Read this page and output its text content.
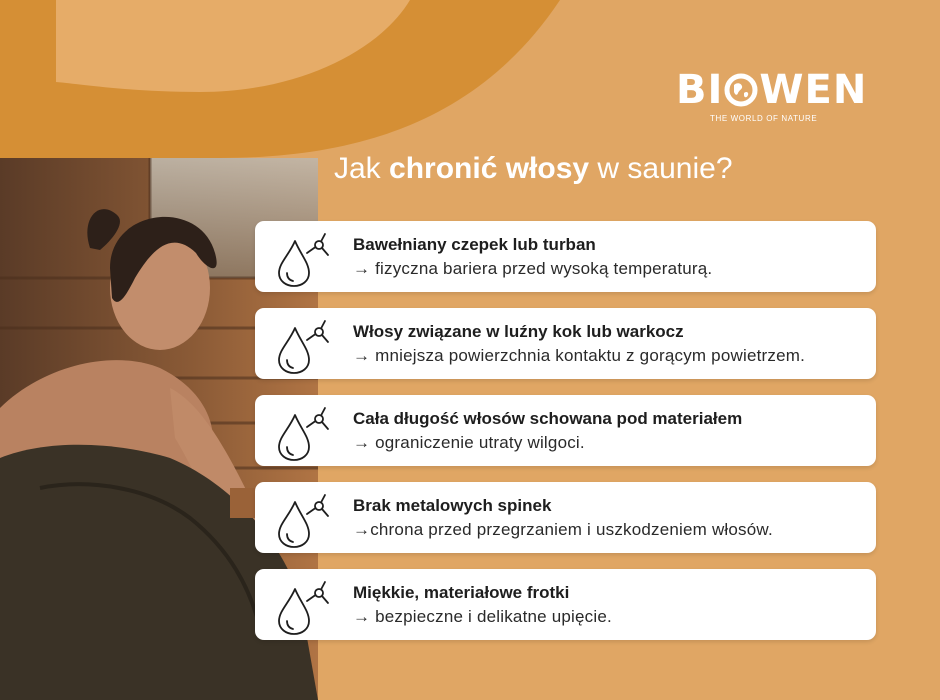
BI WEN
THE WORLD OF NATURE
Jak chronić włosy w saunie?
Bawełniany czepek lub turban
→ fizyczna bariera przed wysoką temperaturą.
Włosy związane w luźny kok lub warkocz
→ mniejsza powierzchnia kontaktu z gorącym powietrzem.
Cała długość włosów schowana pod materiałem
→ ograniczenie utraty wilgoci.
Brak metalowych spinek
→chrona przed przegrzaniem i uszkodzeniem włosów.
Miękkie, materiałowe frotki
→ bezpieczne i delikatne upięcie.
